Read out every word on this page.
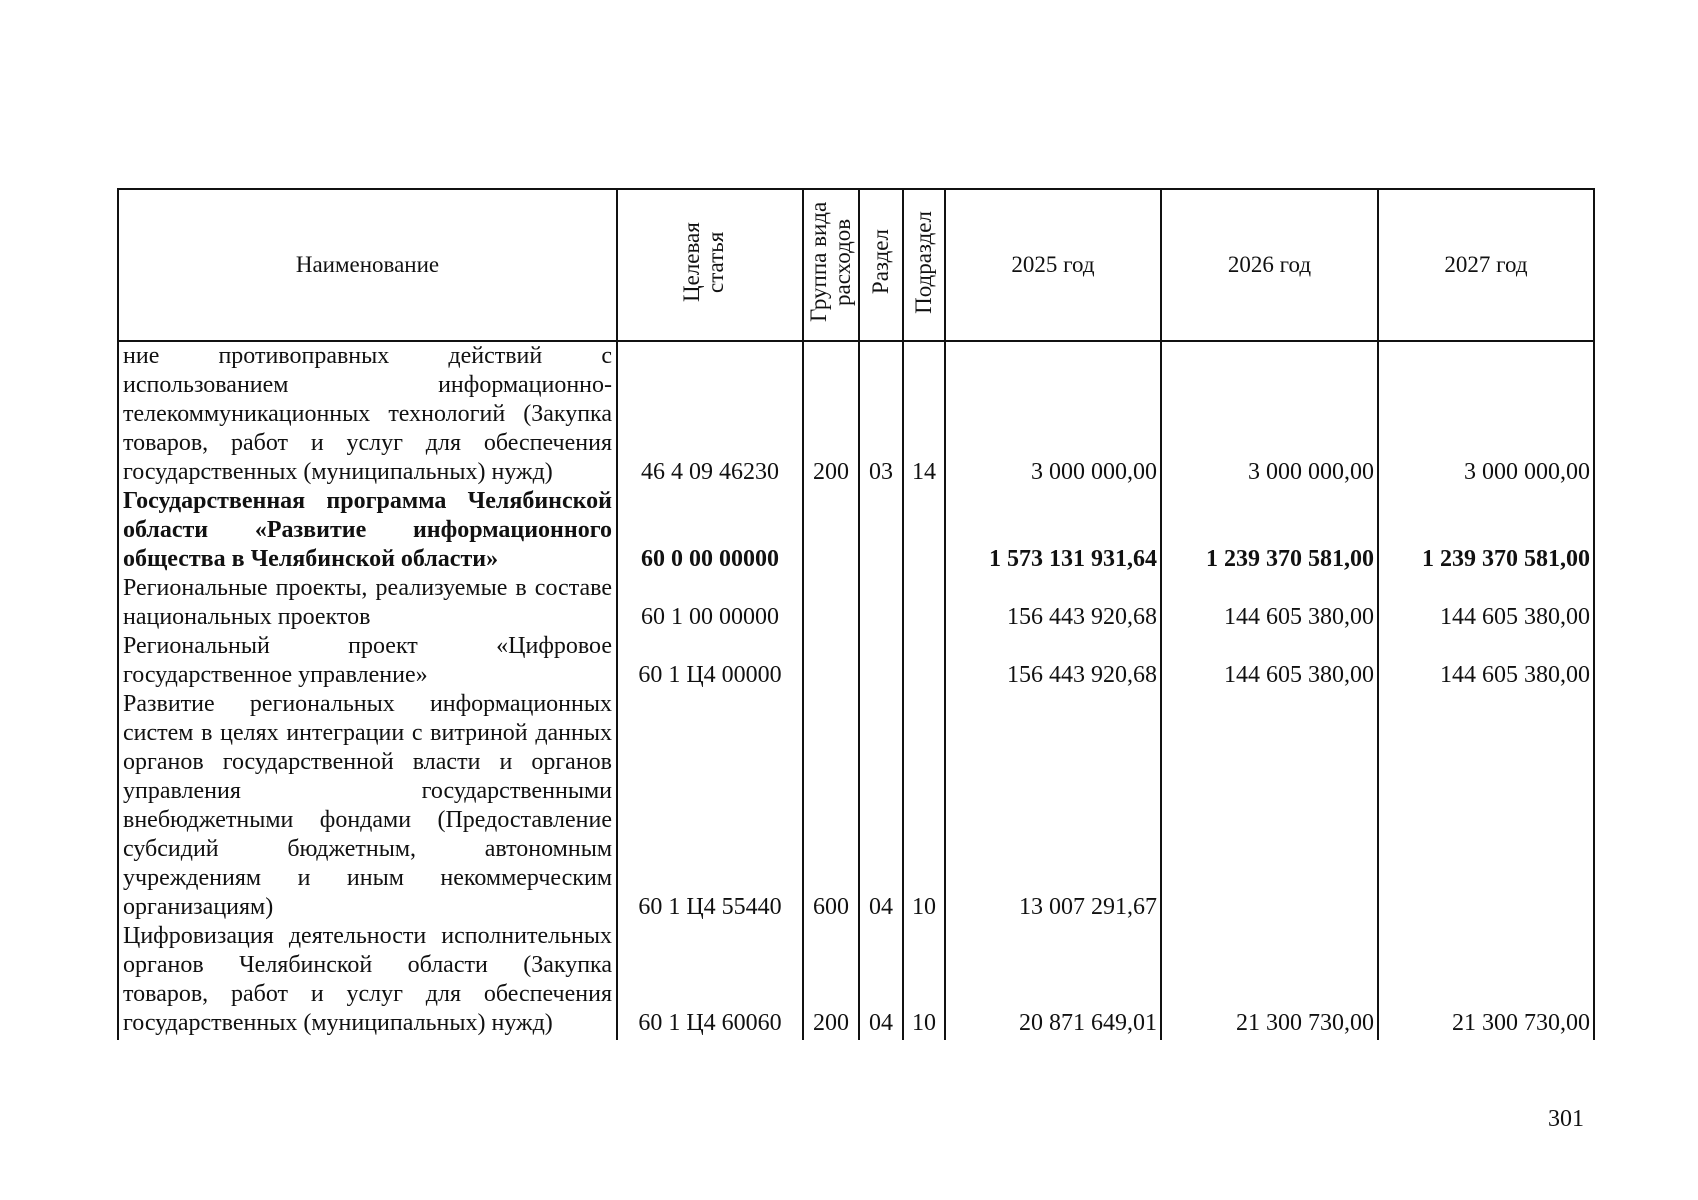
Наименование	Целевая статья	Группа вида расходов	Раздел	Подраздел	2025 год	2026 год	2027 год
ние противоправных действий с использованием информационно-телекоммуникационных технологий (Закупка товаров, работ и услуг для обеспечения государственных (муниципальных) нужд)	46 4 09 46230	200	03	14	3 000 000,00	3 000 000,00	3 000 000,00
Государственная программа Челябинской области «Развитие информационного общества в Челябинской области»	60 0 00 00000				1 573 131 931,64	1 239 370 581,00	1 239 370 581,00
Региональные проекты, реализуемые в составе национальных проектов	60 1 00 00000				156 443 920,68	144 605 380,00	144 605 380,00
Региональный проект «Цифровое государственное управление»	60 1 Ц4 00000				156 443 920,68	144 605 380,00	144 605 380,00
Развитие региональных информационных систем в целях интеграции с витриной данных органов государственной власти и органов управления государственными внебюджетными фондами (Предоставление субсидий бюджетным, автономным учреждениям и иным некоммерческим организациям)	60 1 Ц4 55440	600	04	10	13 007 291,67		
Цифровизация деятельности исполнительных органов Челябинской области (Закупка товаров, работ и услуг для обеспечения государственных (муниципальных) нужд)	60 1 Ц4 60060	200	04	10	20 871 649,01	21 300 730,00	21 300 730,00
301
